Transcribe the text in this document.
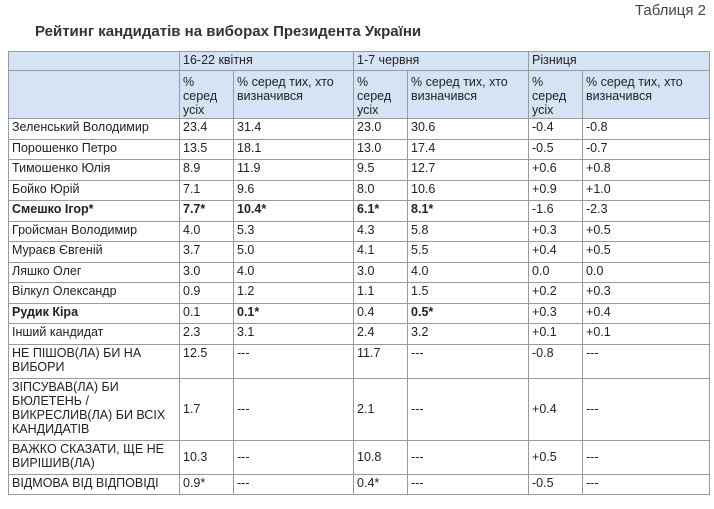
Таблиця 2
Рейтинг кандидатів на виборах Президента України
	16-22 квітня		1-7 червня		Різниця	
	% серед усіх	% серед тих, хто визначився	% серед усіх	% серед тих, хто визначився	% серед усіх	% серед тих, хто визначився
Зеленський Володимир	23.4	31.4	23.0	30.6	-0.4	-0.8
Порошенко Петро	13.5	18.1	13.0	17.4	-0.5	-0.7
Тимошенко Юлія	8.9	11.9	9.5	12.7	+0.6	+0.8
Бойко Юрій	7.1	9.6	8.0	10.6	+0.9	+1.0
Смешко Ігор*	7.7*	10.4*	6.1*	8.1*	-1.6	-2.3
Гройсман Володимир	4.0	5.3	4.3	5.8	+0.3	+0.5
Мураєв Євгеній	3.7	5.0	4.1	5.5	+0.4	+0.5
Ляшко Олег	3.0	4.0	3.0	4.0	0.0	0.0
Вілкул Олександр	0.9	1.2	1.1	1.5	+0.2	+0.3
Рудик Кіра	0.1	0.1*	0.4	0.5*	+0.3	+0.4
Інший кандидат	2.3	3.1	2.4	3.2	+0.1	+0.1
НЕ ПІШОВ(ЛА) БИ НА ВИБОРИ	12.5	---	11.7	---	-0.8	---
ЗІПСУВАВ(ЛА) БИ БЮЛЕТЕНЬ / ВИКРЕСЛИВ(ЛА) БИ ВСІХ КАНДИДАТІВ	1.7	---	2.1	---	+0.4	---
ВАЖКО СКАЗАТИ, ЩЕ НЕ ВИРІШИВ(ЛА)	10.3	---	10.8	---	+0.5	---
ВІДМОВА ВІД ВІДПОВІДІ	0.9*	---	0.4*	---	-0.5	---
